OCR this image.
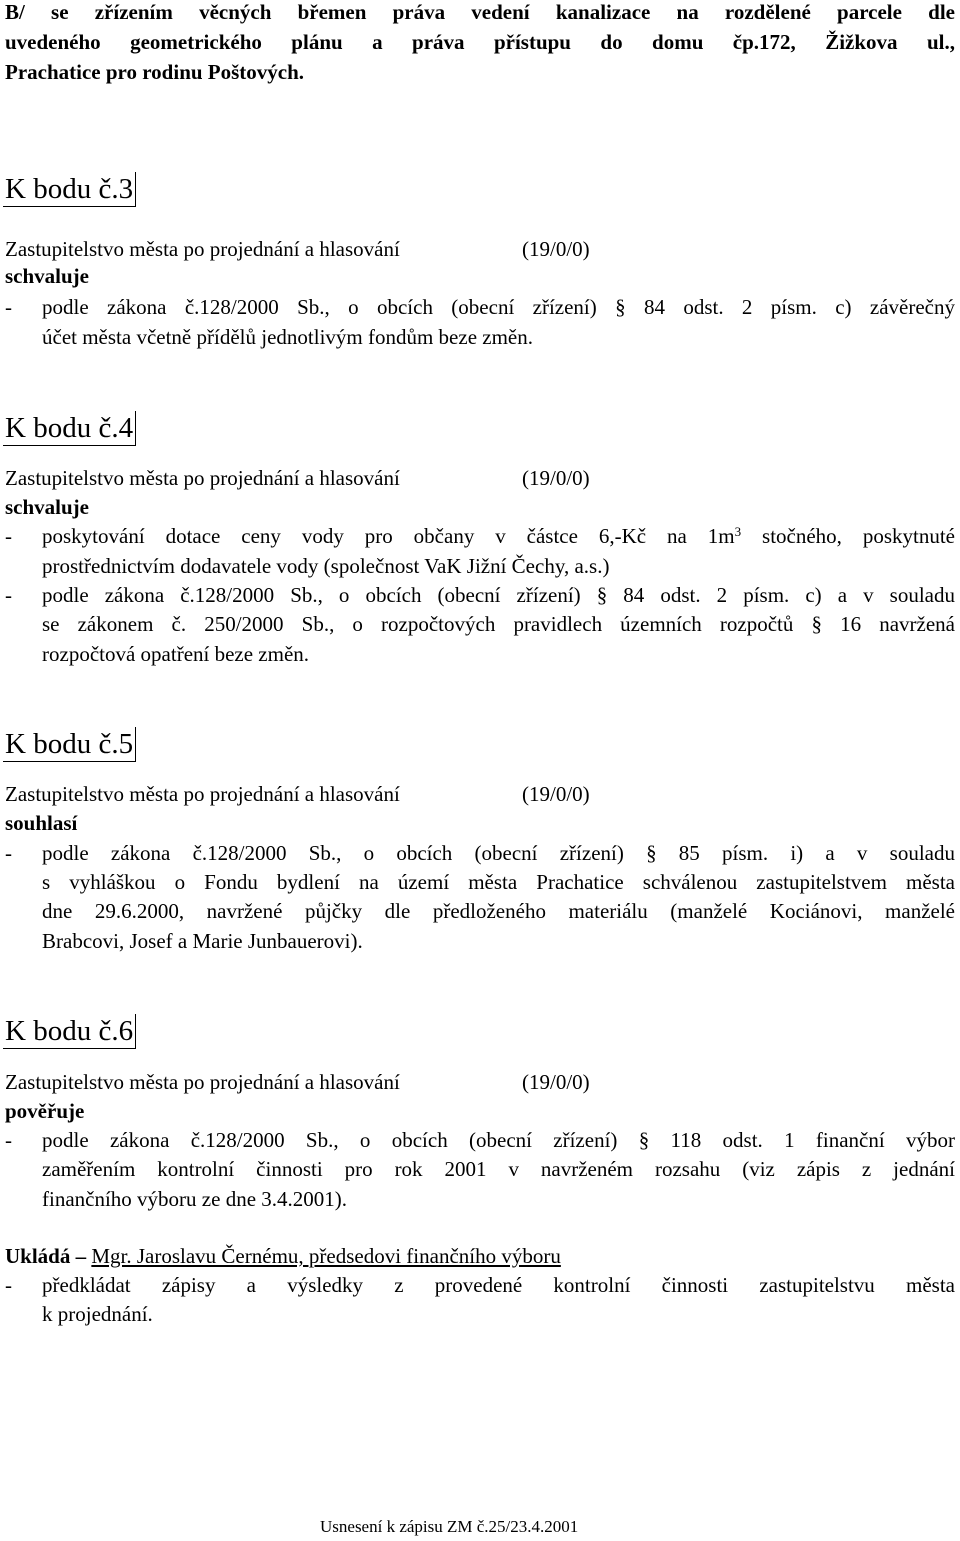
B/ se zřízením věcných břemen práva vedení kanalizace na rozdělené parcele dle
uvedeného geometrického plánu a práva přístupu do domu čp.172, Žižkova ul.,
Prachatice pro rodinu Poštových.
K bodu č.3
Zastupitelstvo města po projednání a hlasování	(19/0/0)
schvaluje
- podle zákona č.128/2000 Sb., o obcích (obecní zřízení) § 84 odst. 2 písm. c) závěrečný
účet města včetně přídělů jednotlivým fondům beze změn.
K bodu č.4
Zastupitelstvo města po projednání a hlasování	(19/0/0)
schvaluje
- poskytování dotace ceny vody pro občany v částce 6,-Kč na $1m^3$ stočného, poskytnuté
prostřednictvím dodavatele vody (společnost VaK Jižní Čechy, a.s.)
- podle zákona č.128/2000 Sb., o obcích (obecní zřízení) § 84 odst. 2 písm. c) a v souladu
se zákonem č. 250/2000 Sb., o rozpočtových pravidlech územních rozpočtů § 16 navržená
rozpočtová opatření beze změn.
K bodu č.5
Zastupitelstvo města po projednání a hlasování	(19/0/0)
souhlasí
- podle zákona č.128/2000 Sb., o obcích (obecní zřízení) § 85 písm. i) a v souladu
s vyhláškou o Fondu bydlení na území města Prachatice schválenou zastupitelstvem města
dne 29.6.2000, navržené půjčky dle předloženého materiálu (manželé Kociánovi, manželé
Brabcovi, Josef a Marie Junbauerovi).
K bodu č.6
Zastupitelstvo města po projednání a hlasování	(19/0/0)
pověřuje
- podle zákona č.128/2000 Sb., o obcích (obecní zřízení) § 118 odst. 1 finanční výbor
zaměřením kontrolní činnosti pro rok 2001 v navrženém rozsahu (viz zápis z jednání
finančního výboru ze dne 3.4.2001).
Ukládá – Mgr. Jaroslavu Černému, předsedovi finančního výboru
- předkládat zápisy a výsledky z provedené kontrolní činnosti zastupitelstvu města
k projednání.
Usnesení k zápisu ZM č.25/23.4.2001
